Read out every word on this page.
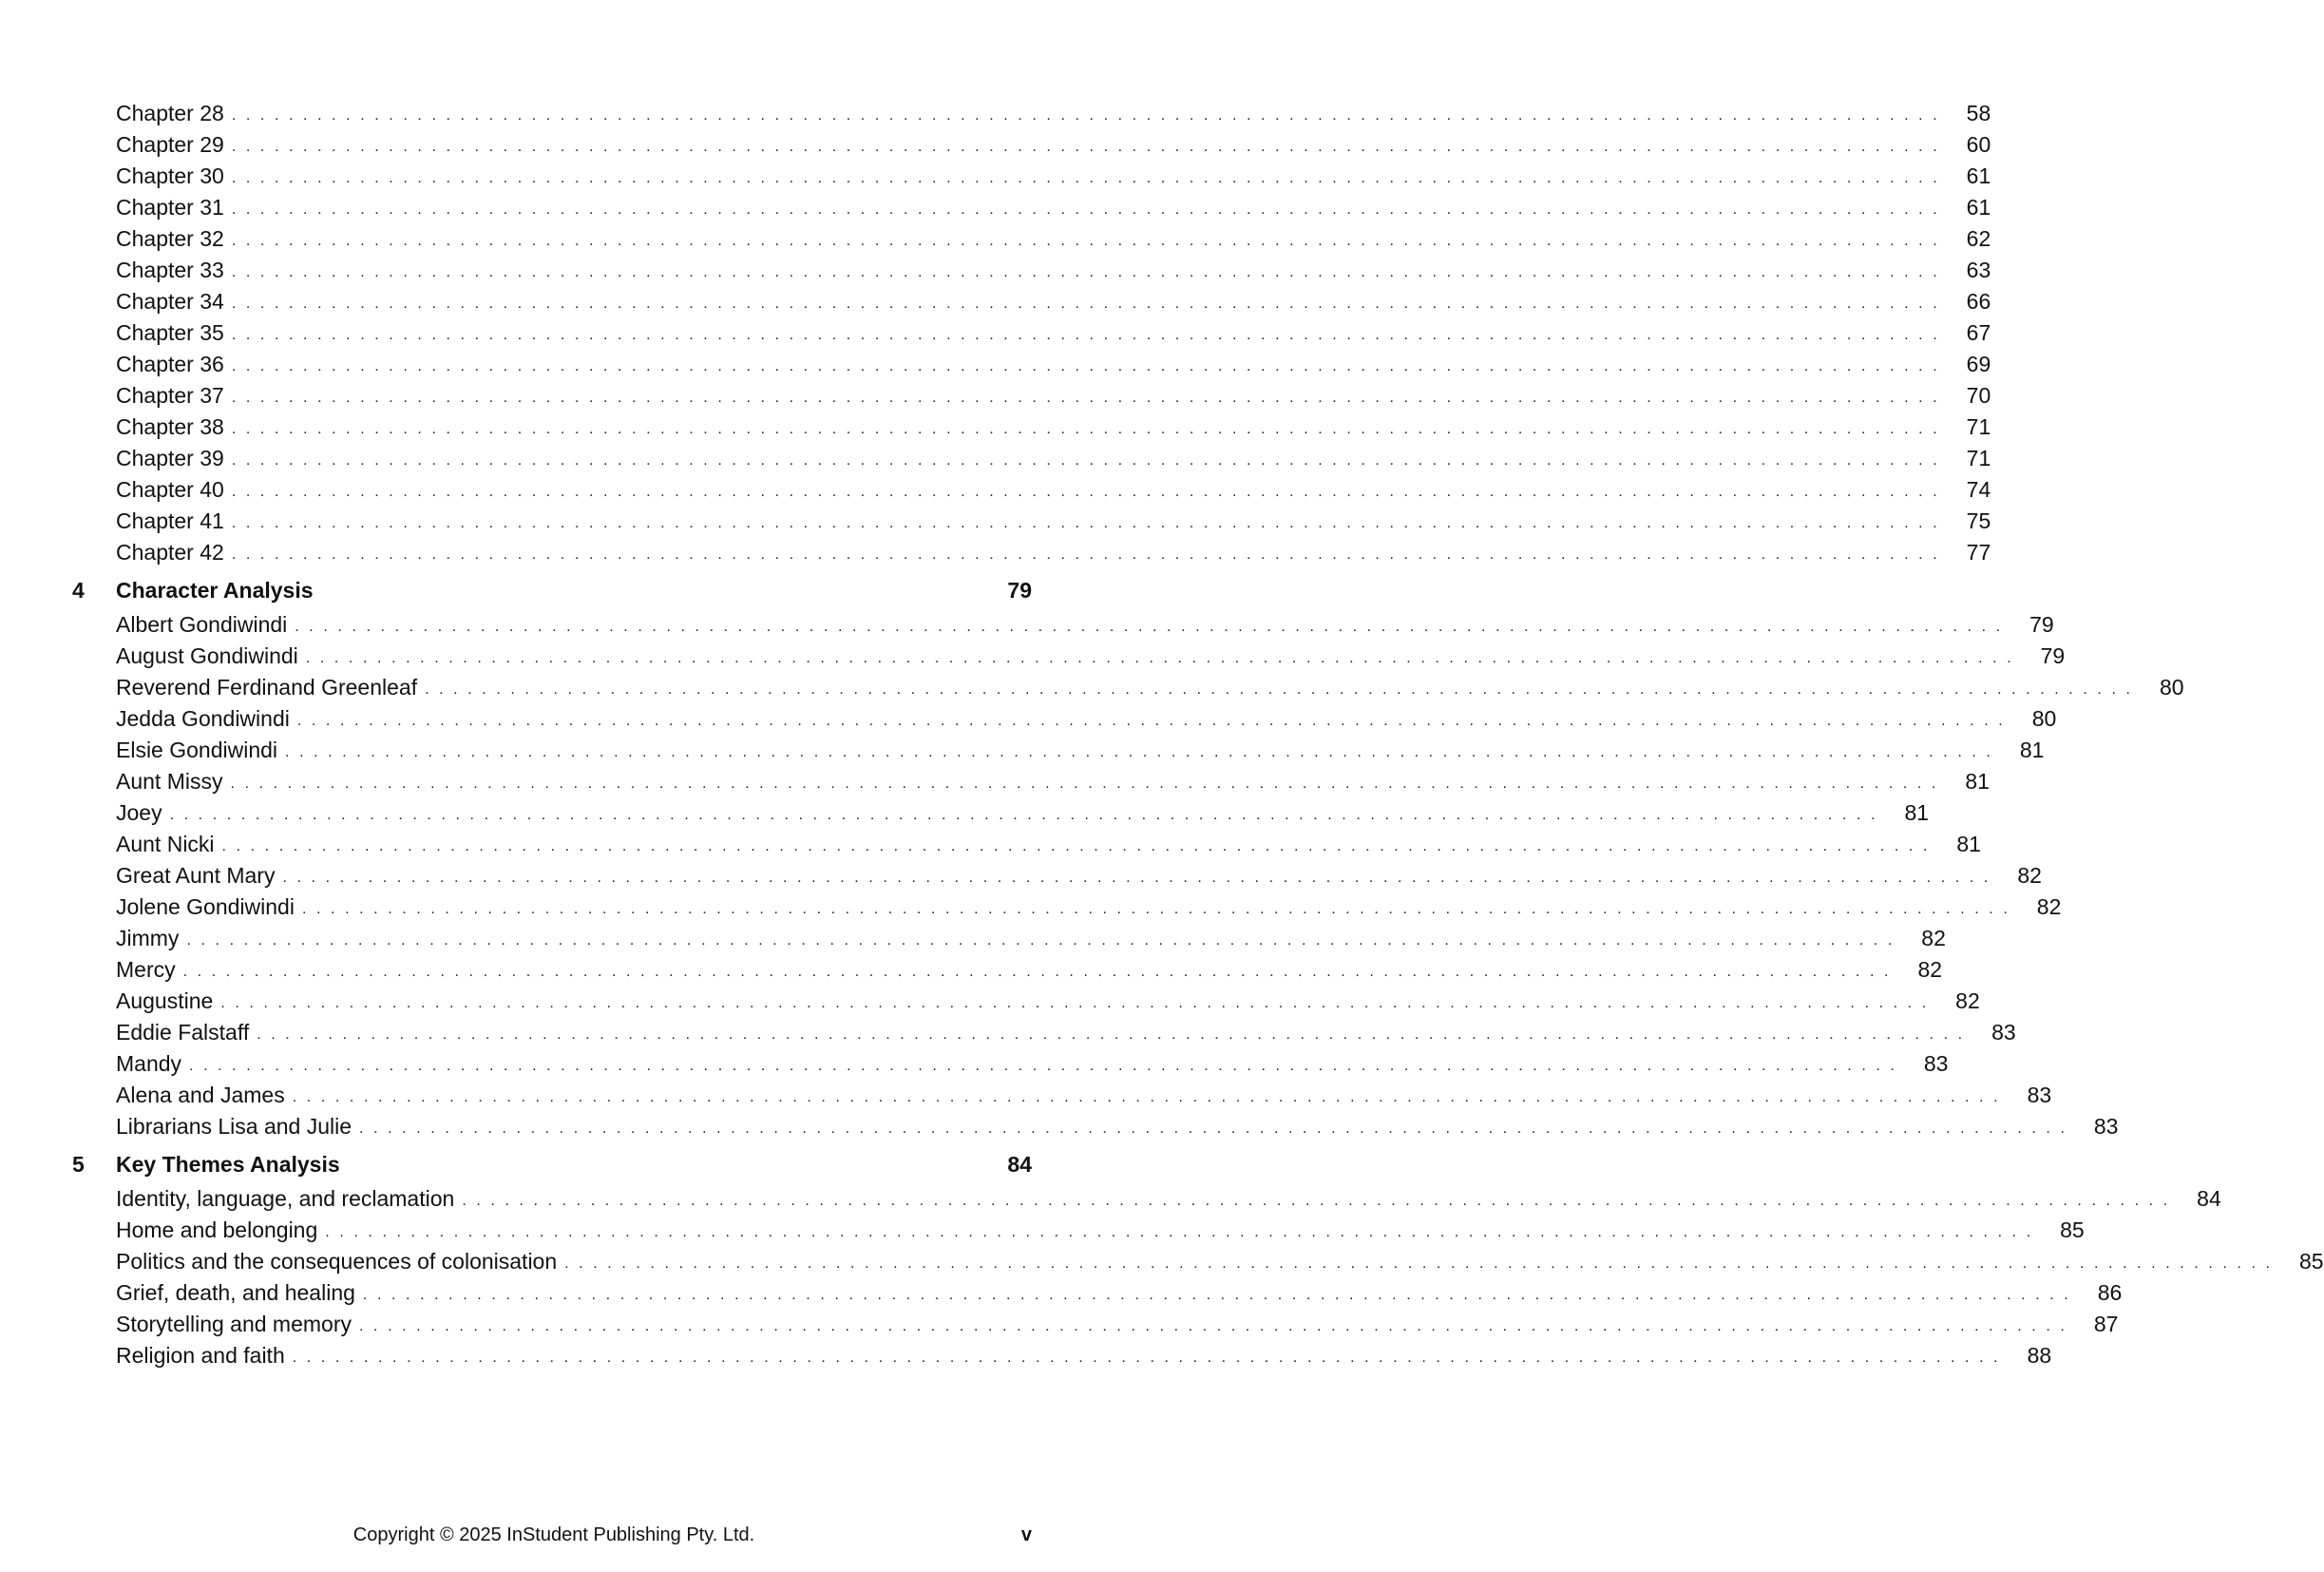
Chapter 28 ........................................................................................................................ 58
Chapter 29 ........................................................................................................................ 60
Chapter 30 ........................................................................................................................ 61
Chapter 31 ........................................................................................................................ 61
Chapter 32 ........................................................................................................................ 62
Chapter 33 ........................................................................................................................ 63
Chapter 34 ........................................................................................................................ 66
Chapter 35 ........................................................................................................................ 67
Chapter 36 ........................................................................................................................ 69
Chapter 37 ........................................................................................................................ 70
Chapter 38 ........................................................................................................................ 71
Chapter 39 ........................................................................................................................ 71
Chapter 40 ........................................................................................................................ 74
Chapter 41 ........................................................................................................................ 75
Chapter 42 ........................................................................................................................ 77
4	Character Analysis	79
Albert Gondiwindi ........................................................................................................................ 79
August Gondiwindi ........................................................................................................................ 79
Reverend Ferdinand Greenleaf ........................................................................................................................ 80
Jedda Gondiwindi ........................................................................................................................ 80
Elsie Gondiwindi ........................................................................................................................ 81
Aunt Missy ........................................................................................................................ 81
Joey ........................................................................................................................ 81
Aunt Nicki ........................................................................................................................ 81
Great Aunt Mary ........................................................................................................................ 82
Jolene Gondiwindi ........................................................................................................................ 82
Jimmy ........................................................................................................................ 82
Mercy ........................................................................................................................ 82
Augustine ........................................................................................................................ 82
Eddie Falstaff ........................................................................................................................ 83
Mandy ........................................................................................................................ 83
Alena and James ........................................................................................................................ 83
Librarians Lisa and Julie ........................................................................................................................ 83
5	Key Themes Analysis	84
Identity, language, and reclamation ........................................................................................................................ 84
Home and belonging ........................................................................................................................ 85
Politics and the consequences of colonisation ........................................................................................................................ 85
Grief, death, and healing ........................................................................................................................ 86
Storytelling and memory ........................................................................................................................ 87
Religion and faith ........................................................................................................................ 88
Copyright © 2025 InStudent Publishing Pty. Ltd.	v
